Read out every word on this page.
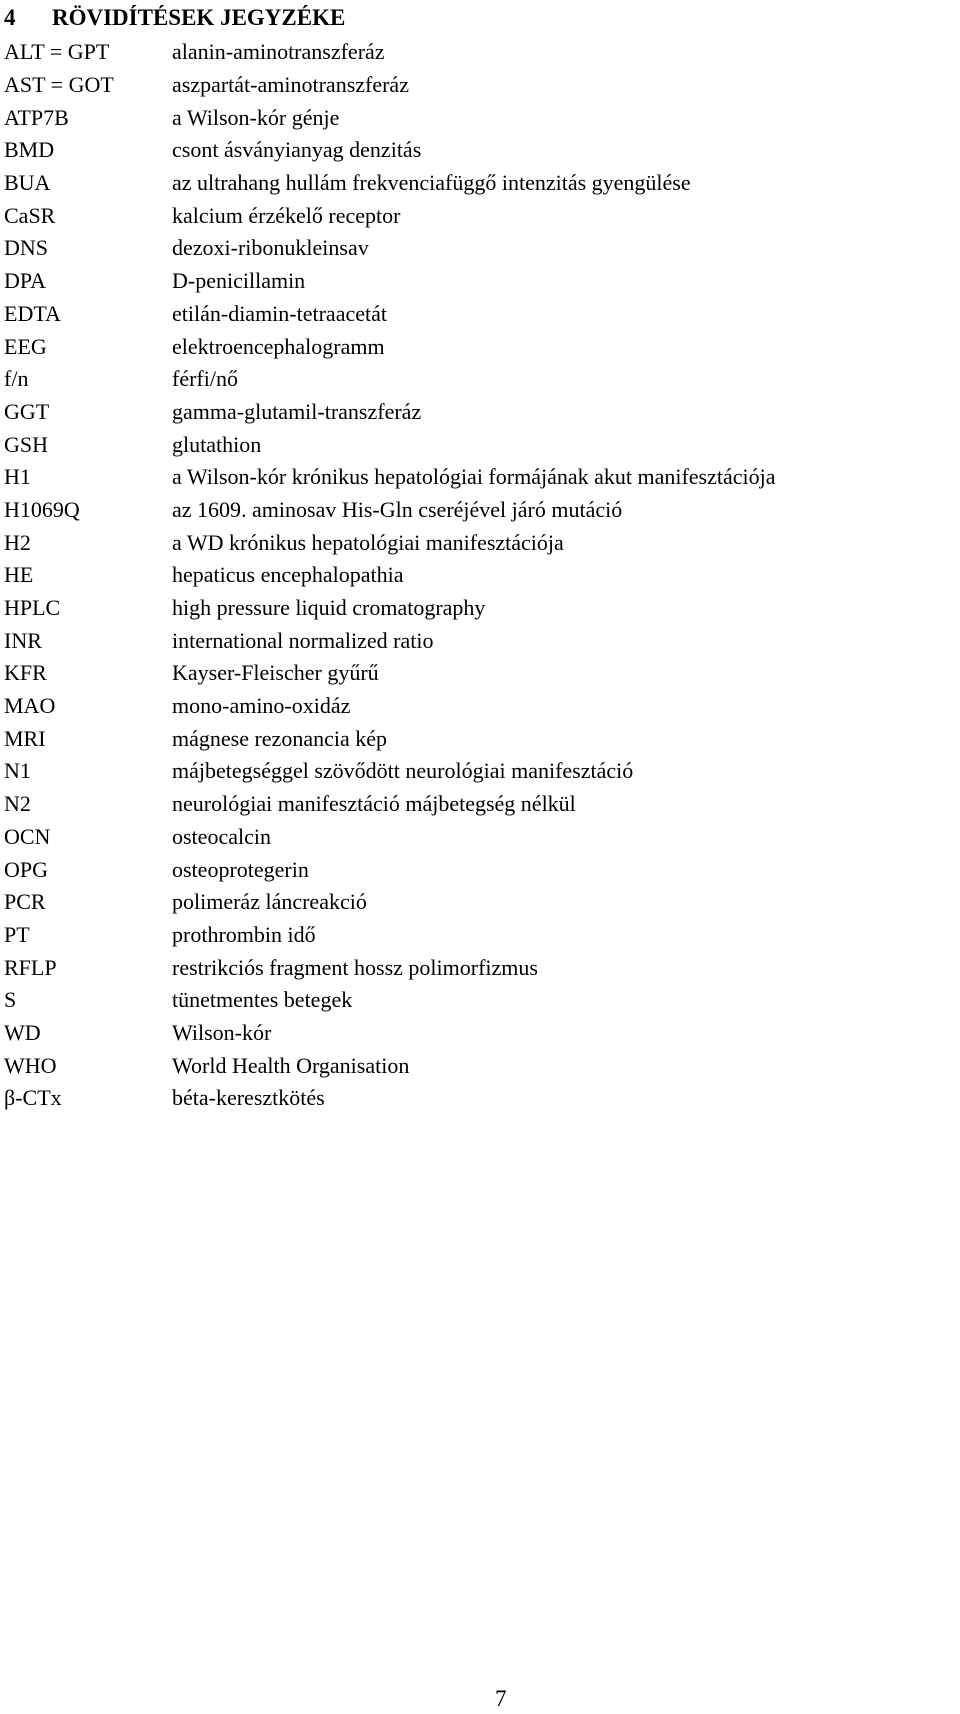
4 RÖVIDÍTÉSEK JEGYZÉKE
ALT = GPT	alanin-aminotranszferáz
AST = GOT	aszpartát-aminotranszferáz
ATP7B	a Wilson-kór génje
BMD	csont ásványianyag denzitás
BUA	az ultrahang hullám frekvenciafüggő intenzitás gyengülése
CaSR	kalcium érzékelő receptor
DNS	dezoxi-ribonukleinsav
DPA	D-penicillamin
EDTA	etilán-diamin-tetraacetát
EEG	elektroencephalogramm
f/n	férfi/nő
GGT	gamma-glutamil-transzferáz
GSH	glutathion
H1	a Wilson-kór krónikus hepatológiai formájának akut manifesztációja
H1069Q	az 1609. aminosav His-Gln cseréjével járó mutáció
H2	a WD krónikus hepatológiai manifesztációja
HE	hepaticus encephalopathia
HPLC	high pressure liquid cromatography
INR	international normalized ratio
KFR	Kayser-Fleischer gyűrű
MAO	mono-amino-oxidáz
MRI	mágnese rezonancia kép
N1	májbetegséggel szövődött neurológiai manifesztáció
N2	neurológiai manifesztáció májbetegség nélkül
OCN	osteocalcin
OPG	osteoprotegerin
PCR	polimeráz láncreakció
PT	prothrombin idő
RFLP	restrikciós fragment hossz polimorfizmus
S	tünetmentes betegek
WD	Wilson-kór
WHO	World Health Organisation
β-CTx	béta-keresztkötés
7
